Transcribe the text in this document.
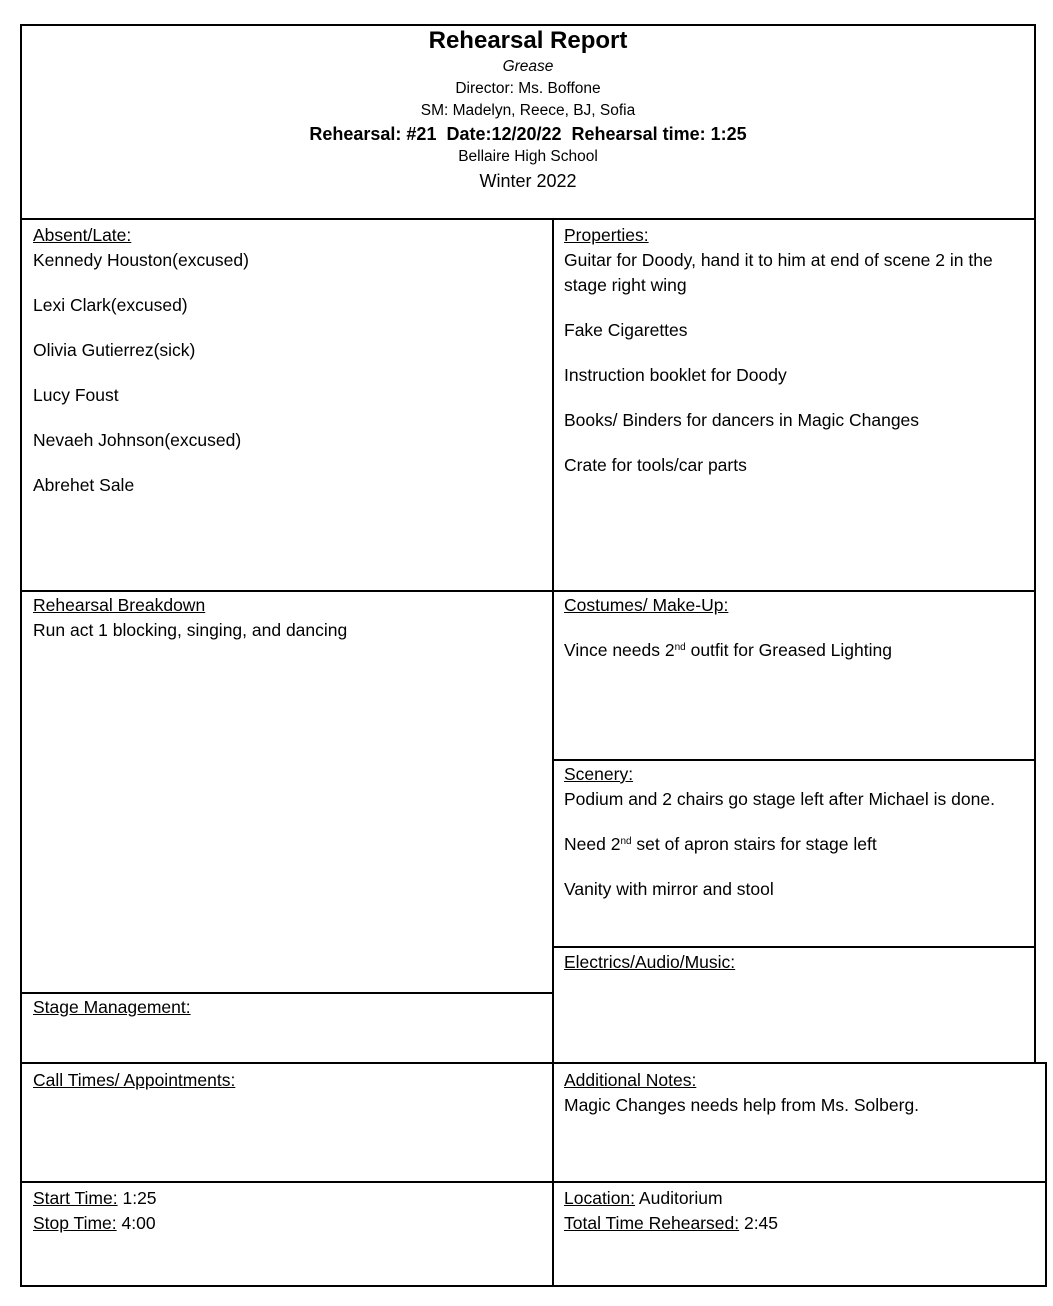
Rehearsal Report
Grease
Director: Ms. Boffone
SM: Madelyn, Reece, BJ, Sofia
Rehearsal: #21  Date:12/20/22  Rehearsal time: 1:25
Bellaire High School
Winter 2022
Absent/Late:
Kennedy Houston(excused)
Lexi Clark(excused)
Olivia Gutierrez(sick)
Lucy Foust
Nevaeh Johnson(excused)
Abrehet Sale
Properties:
Guitar for Doody, hand it to him at end of scene 2 in the stage right wing
Fake Cigarettes
Instruction booklet for Doody
Books/ Binders for dancers in Magic Changes
Crate for tools/car parts
Rehearsal Breakdown
Run act 1 blocking, singing, and dancing
Costumes/ Make-Up:
Vince needs 2nd outfit for Greased Lighting
Scenery:
Podium and 2 chairs go stage left after Michael is done.
Need 2nd set of apron stairs for stage left
Vanity with mirror and stool
Electrics/Audio/Music:
Stage Management:
Call Times/ Appointments:	Additional Notes:
Magic Changes needs help from Ms. Solberg.
Start Time: 1:25
Stop Time: 4:00
Location: Auditorium
Total Time Rehearsed: 2:45
